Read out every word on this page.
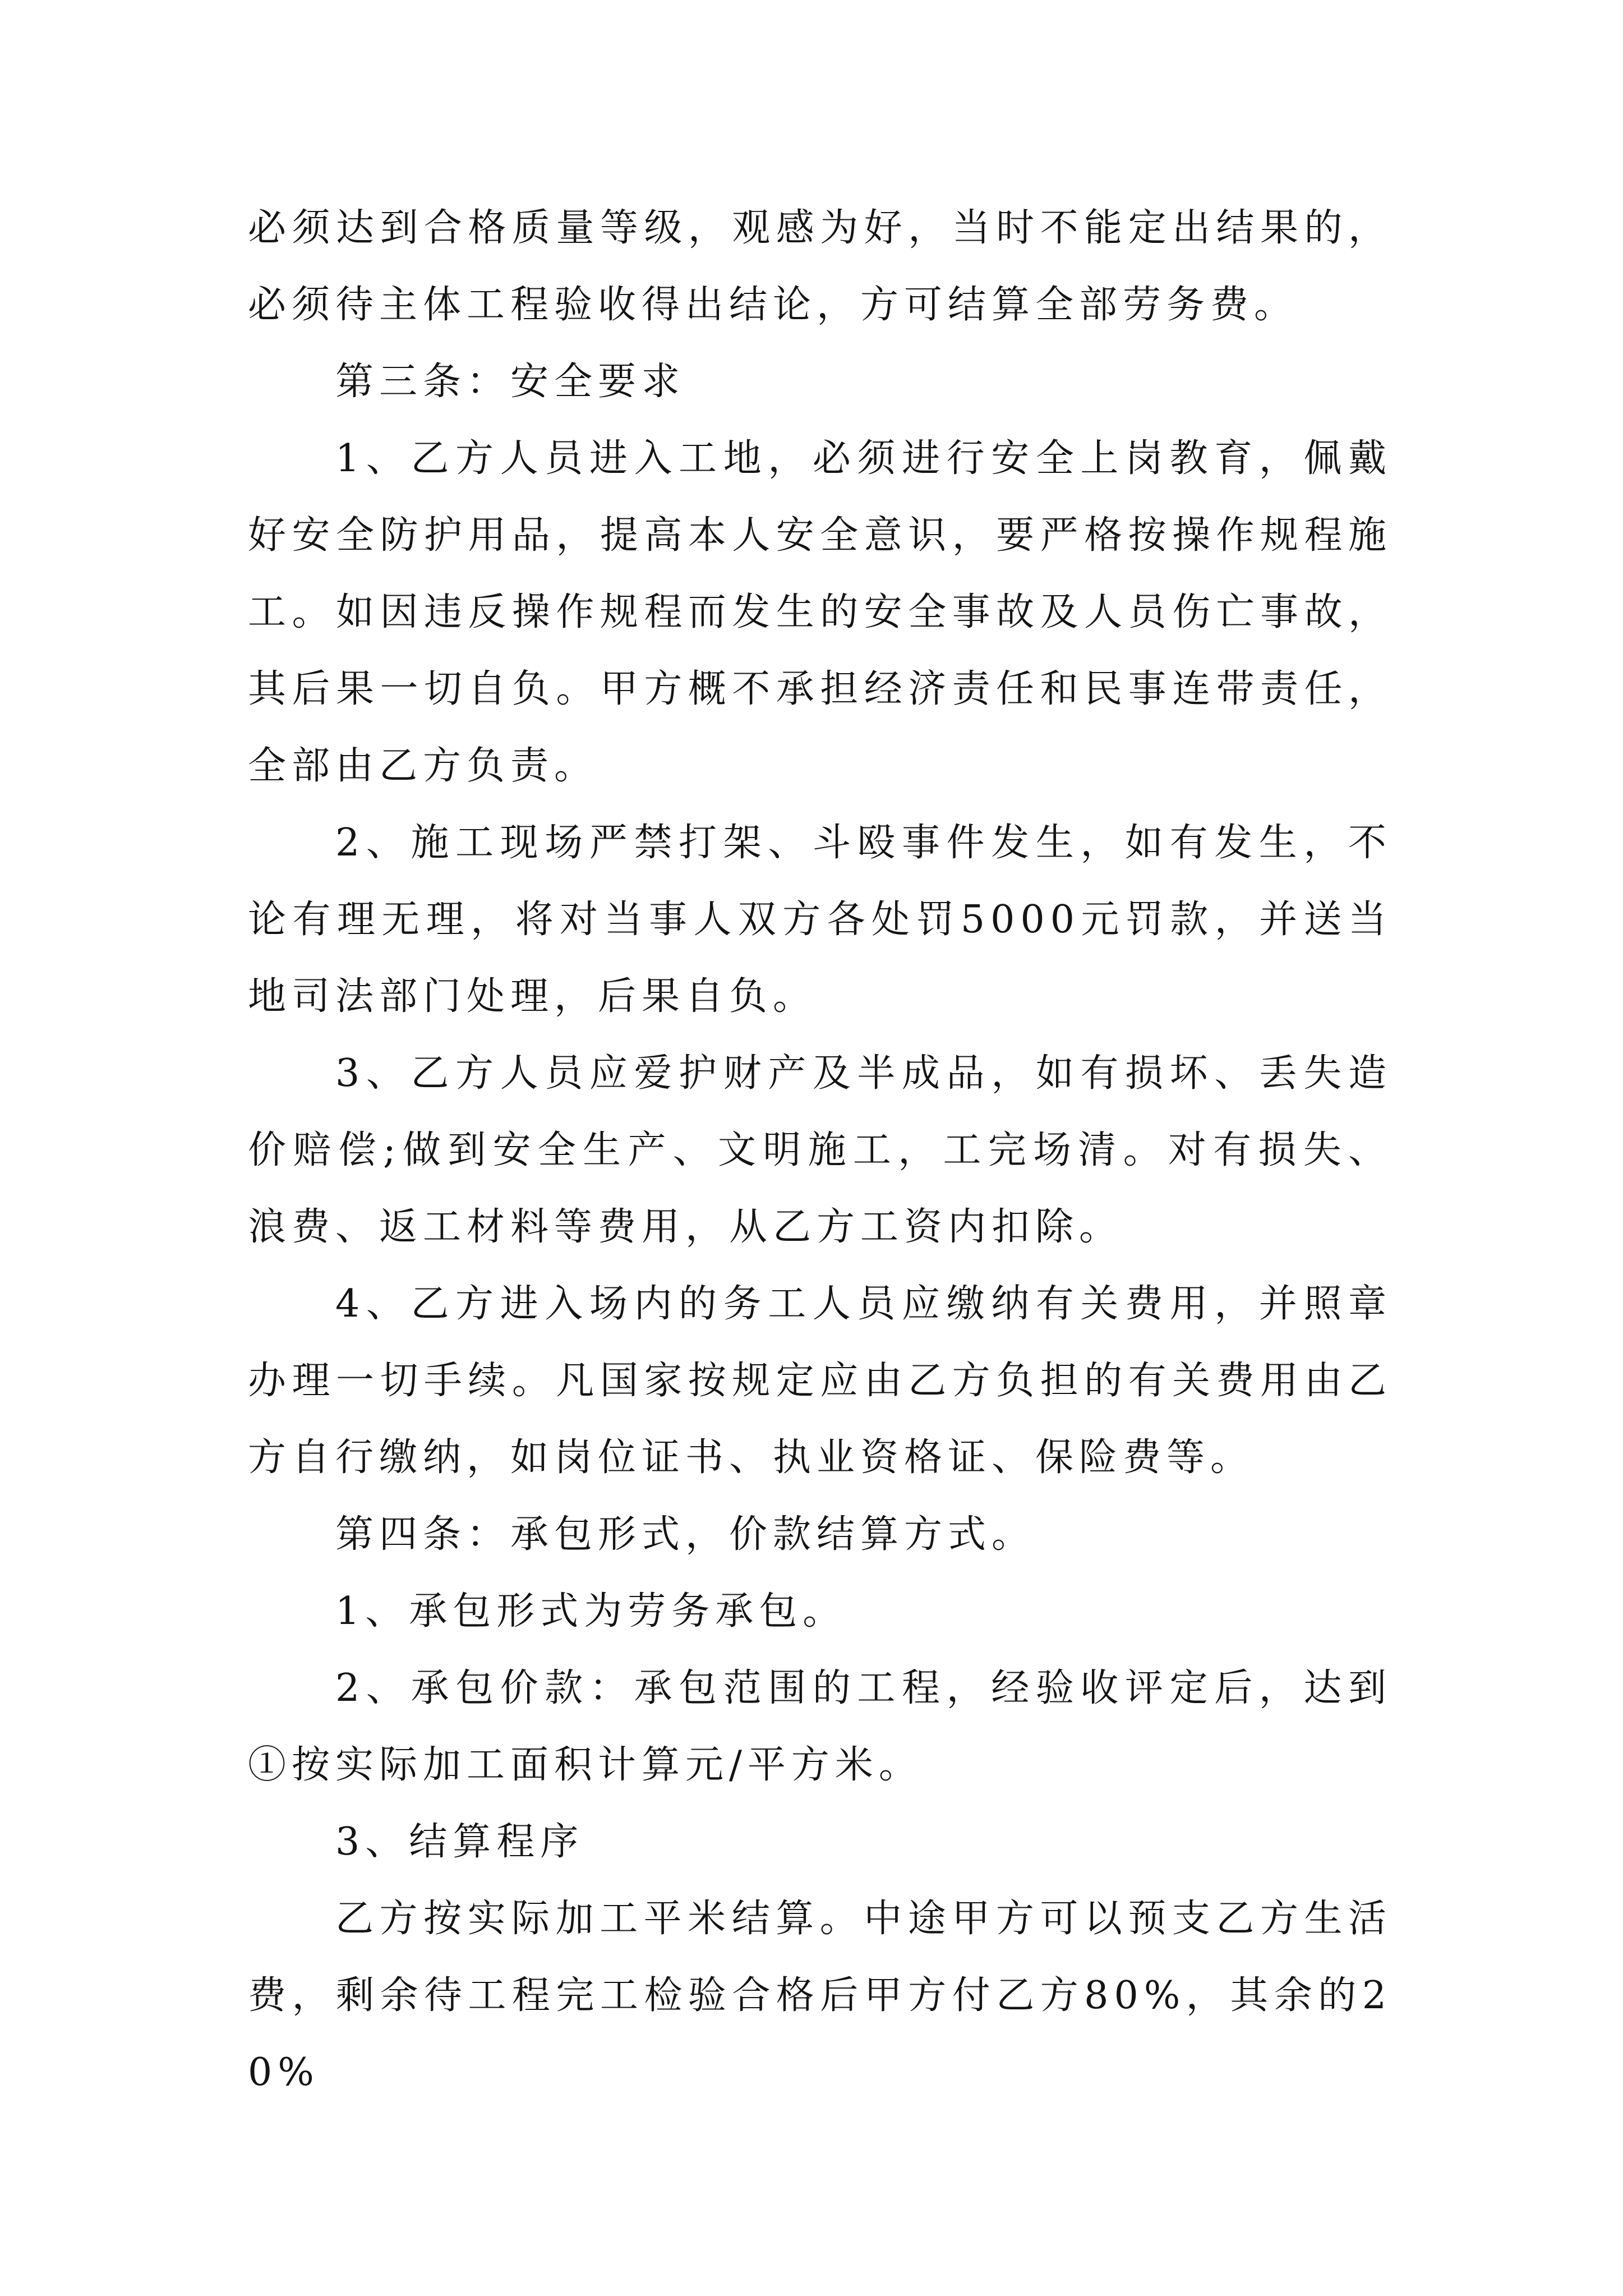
必须达到合格质量等级，观感为好，当时不能定出结果的，必须待主体工程验收得出结论，方可结算全部劳务费。

第三条：安全要求

1、乙方人员进入工地，必须进行安全上岗教育，佩戴好安全防护用品，提高本人安全意识，要严格按操作规程施工。如因违反操作规程而发生的安全事故及人员伤亡事故，其后果一切自负。甲方概不承担经济责任和民事连带责任，全部由乙方负责。

2、施工现场严禁打架、斗殴事件发生，如有发生，不论有理无理，将对当事人双方各处罚5000元罚款，并送当地司法部门处理，后果自负。

3、乙方人员应爱护财产及半成品，如有损坏、丢失造价赔偿;做到安全生产、文明施工，工完场清。对有损失、浪费、返工材料等费用，从乙方工资内扣除。

4、乙方进入场内的务工人员应缴纳有关费用，并照章办理一切手续。凡国家按规定应由乙方负担的有关费用由乙方自行缴纳，如岗位证书、执业资格证、保险费等。

第四条：承包形式，价款结算方式。

1、承包形式为劳务承包。

2、承包价款：承包范围的工程，经验收评定后，达到①按实际加工面积计算元/平方米。

3、结算程序

乙方按实际加工平米结算。中途甲方可以预支乙方生活费，剩余待工程完工检验合格后甲方付乙方80%，其余的20%
